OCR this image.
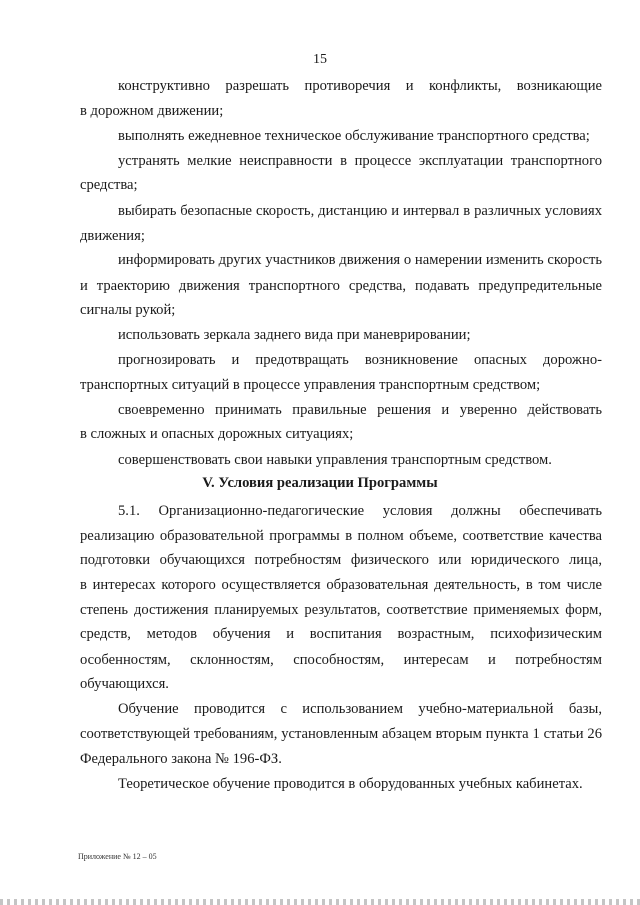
15
конструктивно разрешать противоречия и конфликты, возникающие
в дорожном движении;
выполнять ежедневное техническое обслуживание транспортного средства;
устранять мелкие неисправности в процессе эксплуатации транспортного
средства;
выбирать безопасные скорость, дистанцию и интервал в различных условиях
движения;
информировать других участников движения о намерении изменить скорость
и траекторию движения транспортного средства, подавать предупредительные
сигналы рукой;
использовать зеркала заднего вида при маневрировании;
прогнозировать и предотвращать возникновение опасных дорожно-
транспортных ситуаций в процессе управления транспортным средством;
своевременно принимать правильные решения и уверенно действовать
в сложных и опасных дорожных ситуациях;
совершенствовать свои навыки управления транспортным средством.
V. Условия реализации Программы
5.1. Организационно-педагогические условия должны обеспечивать
реализацию образовательной программы в полном объеме, соответствие качества
подготовки обучающихся потребностям физического или юридического лица,
в интересах которого осуществляется образовательная деятельность, в том числе
степень достижения планируемых результатов, соответствие применяемых форм,
средств, методов обучения и воспитания возрастным, психофизическим
особенностям, склонностям, способностям, интересам и потребностям
обучающихся.
Обучение проводится с использованием учебно-материальной базы,
соответствующей требованиям, установленным абзацем вторым пункта 1 статьи 26
Федерального закона № 196-ФЗ.
Теоретическое обучение проводится в оборудованных учебных кабинетах.
Приложение № 12 – 05
